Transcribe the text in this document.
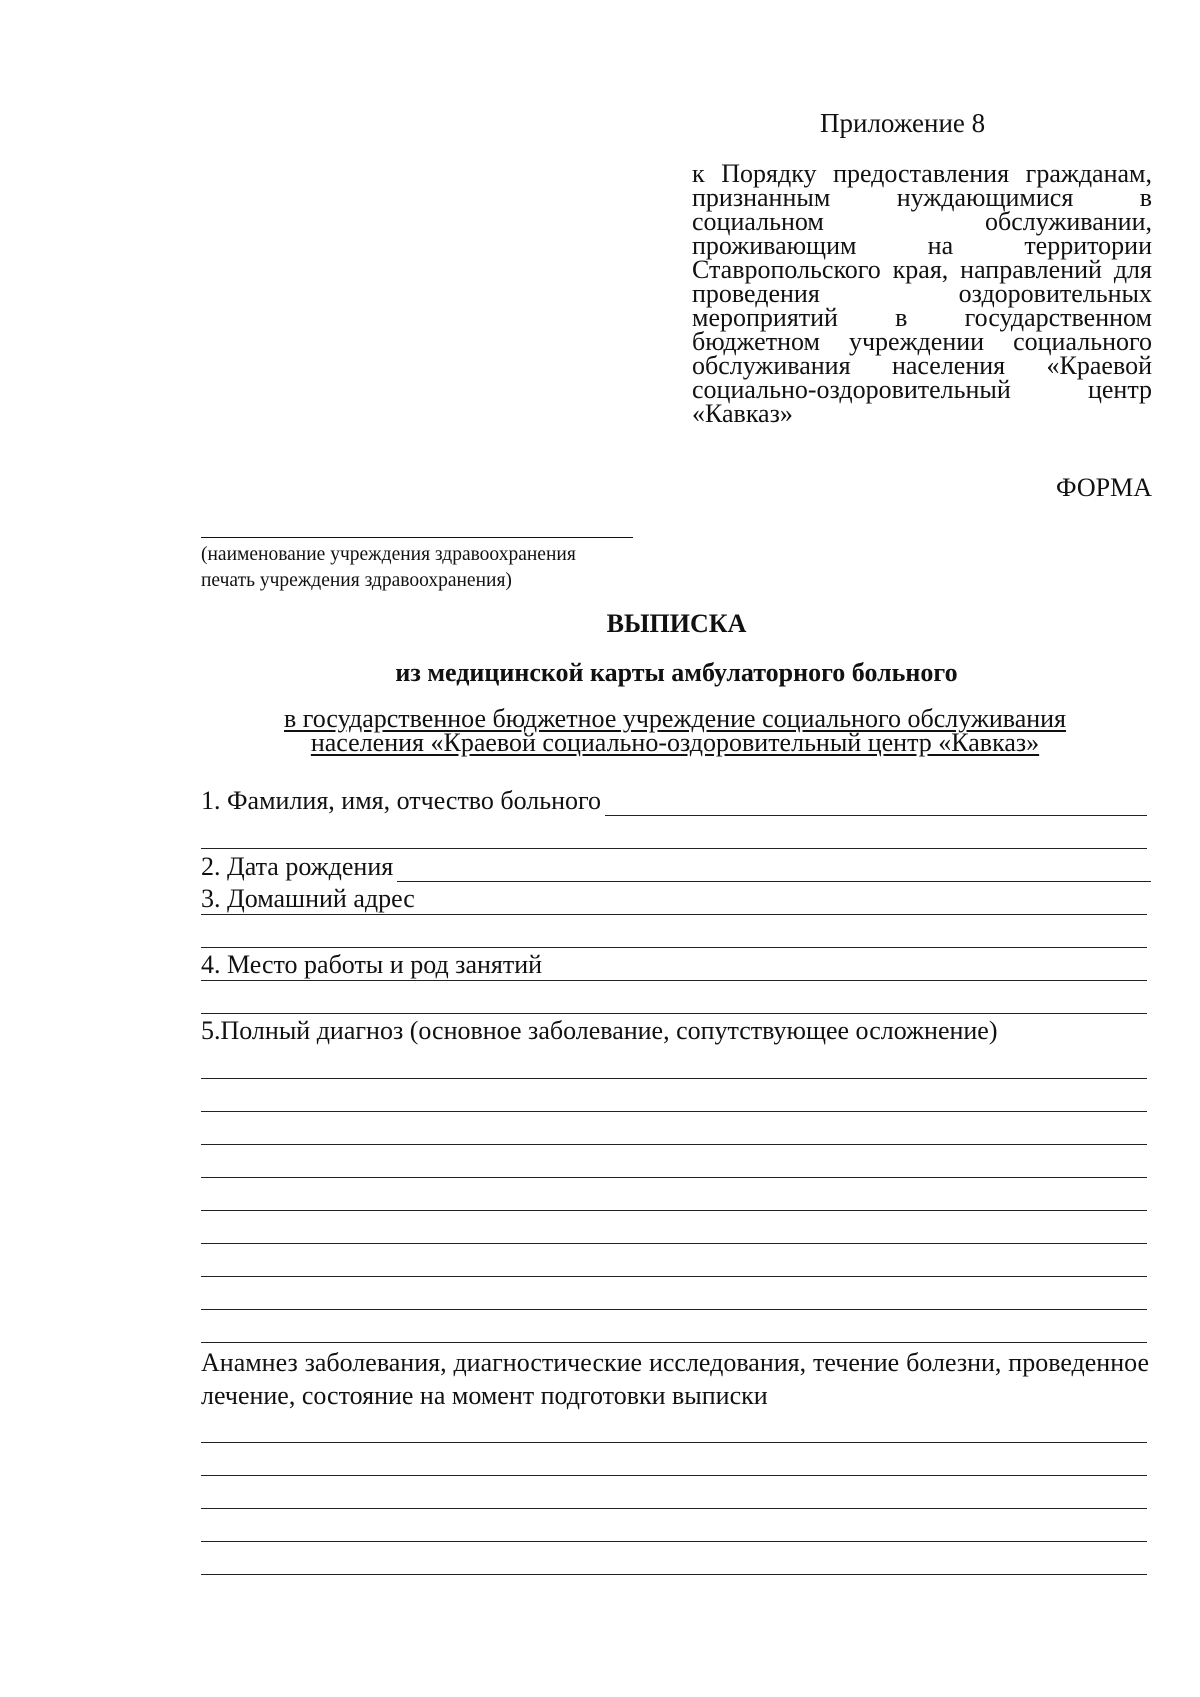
Приложение 8
к Порядку предоставления гражданам, признанным нуждающимися в социальном обслуживании, проживающим на территории Ставропольского края, направлений для проведения оздоровительных мероприятий в государственном бюджетном учреждении социального обслуживания населения «Краевой социально-оздоровительный центр «Кавказ»
ФОРМА
(наименование учреждения здравоохранения
печать учреждения здравоохранения)
ВЫПИСКА
из медицинской карты амбулаторного больного
в государственное бюджетное учреждение социального обслуживания
населения «Краевой социально-оздоровительный центр «Кавказ»
1. Фамилия, имя, отчество больного
2. Дата рождения
3. Домашний адрес
4. Место работы и род занятий
5.Полный диагноз (основное заболевание, сопутствующее осложнение)
Анамнез заболевания, диагностические исследования, течение болезни, проведенное лечение, состояние на момент подготовки выписки
